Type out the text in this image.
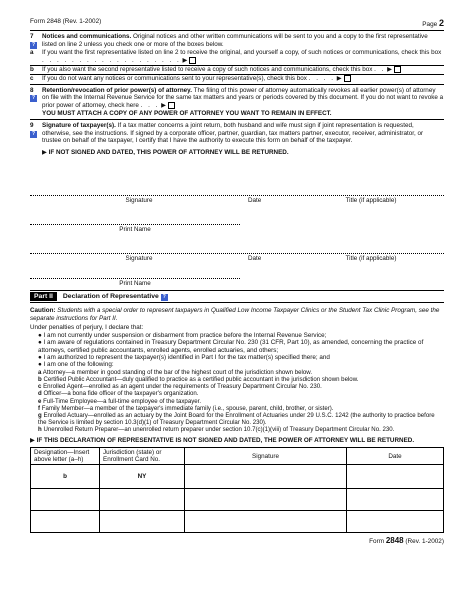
Form 2848 (Rev. 1-2002)	Page 2
7
?
Notices and communications. Original notices and other written communications will be sent to you and a copy to the first representative listed on line 2 unless you check one or more of the boxes below.
a	If you want the first representative listed on line 2 to receive the original, and yourself a copy, of such notices or communications, check this box . . . . . . . . . . . . . . . . . . . ▶
b	If you also want the second representative listed to receive a copy of such notices and communications, check this box . . ▶
c	If you do not want any notices or communications sent to your representative(s), check this box . . . . ▶
8
?
Retention/revocation of prior power(s) of attorney. The filing of this power of attorney automatically revokes all earlier power(s) of attorney on file with the Internal Revenue Service for the same tax matters and years or periods covered by this document. If you do not want to revoke a prior power of attorney, check here . . . ▶
YOU MUST ATTACH A COPY OF ANY POWER OF ATTORNEY YOU WANT TO REMAIN IN EFFECT.
9
?
Signature of taxpayer(s). If a tax matter concerns a joint return, both husband and wife must sign if joint representation is requested, otherwise, see the instructions. If signed by a corporate officer, partner, guardian, tax matters partner, executor, receiver, administrator, or trustee on behalf of the taxpayer, I certify that I have the authority to execute this form on behalf of the taxpayer.
▶ IF NOT SIGNED AND DATED, THIS POWER OF ATTORNEY WILL BE RETURNED.
Signature	Date	Title (if applicable)
Print Name
Signature	Date	Title (if applicable)
Print Name
Part II	Declaration of Representative
?
Caution: Students with a special order to represent taxpayers in Qualified Low Income Taxpayer Clinics or the Student Tax Clinic Program, see the separate instructions for Part II.
Under penalties of perjury, I declare that:
● I am not currently under suspension or disbarment from practice before the Internal Revenue Service;
● I am aware of regulations contained in Treasury Department Circular No. 230 (31 CFR, Part 10), as amended, concerning the practice of attorneys, certified public accountants, enrolled agents, enrolled actuaries, and others;
● I am authorized to represent the taxpayer(s) identified in Part I for the tax matter(s) specified there; and
● I am one of the following:
a Attorney—a member in good standing of the bar of the highest court of the jurisdiction shown below.
b Certified Public Accountant—duly qualified to practice as a certified public accountant in the jurisdiction shown below.
c Enrolled Agent—enrolled as an agent under the requirements of Treasury Department Circular No. 230.
d Officer—a bona fide officer of the taxpayer's organization.
e Full-Time Employee—a full-time employee of the taxpayer.
f Family Member—a member of the taxpayer's immediate family (i.e., spouse, parent, child, brother, or sister).
g Enrolled Actuary—enrolled as an actuary by the Joint Board for the Enrollment of Actuaries under 29 U.S.C. 1242 (the authority to practice before the Service is limited by section 10.3(d)(1) of Treasury Department Circular No. 230).
h Unenrolled Return Preparer—an unenrolled return preparer under section 10.7(c)(1)(viii) of Treasury Department Circular No. 230.
▶ IF THIS DECLARATION OF REPRESENTATIVE IS NOT SIGNED AND DATED, THE POWER OF ATTORNEY WILL BE RETURNED.
Designation—Insert above letter (a–h)	Jurisdiction (state) or Enrollment Card No.	Signature	Date
b	NY		

Form 2848 (Rev. 1-2002)
